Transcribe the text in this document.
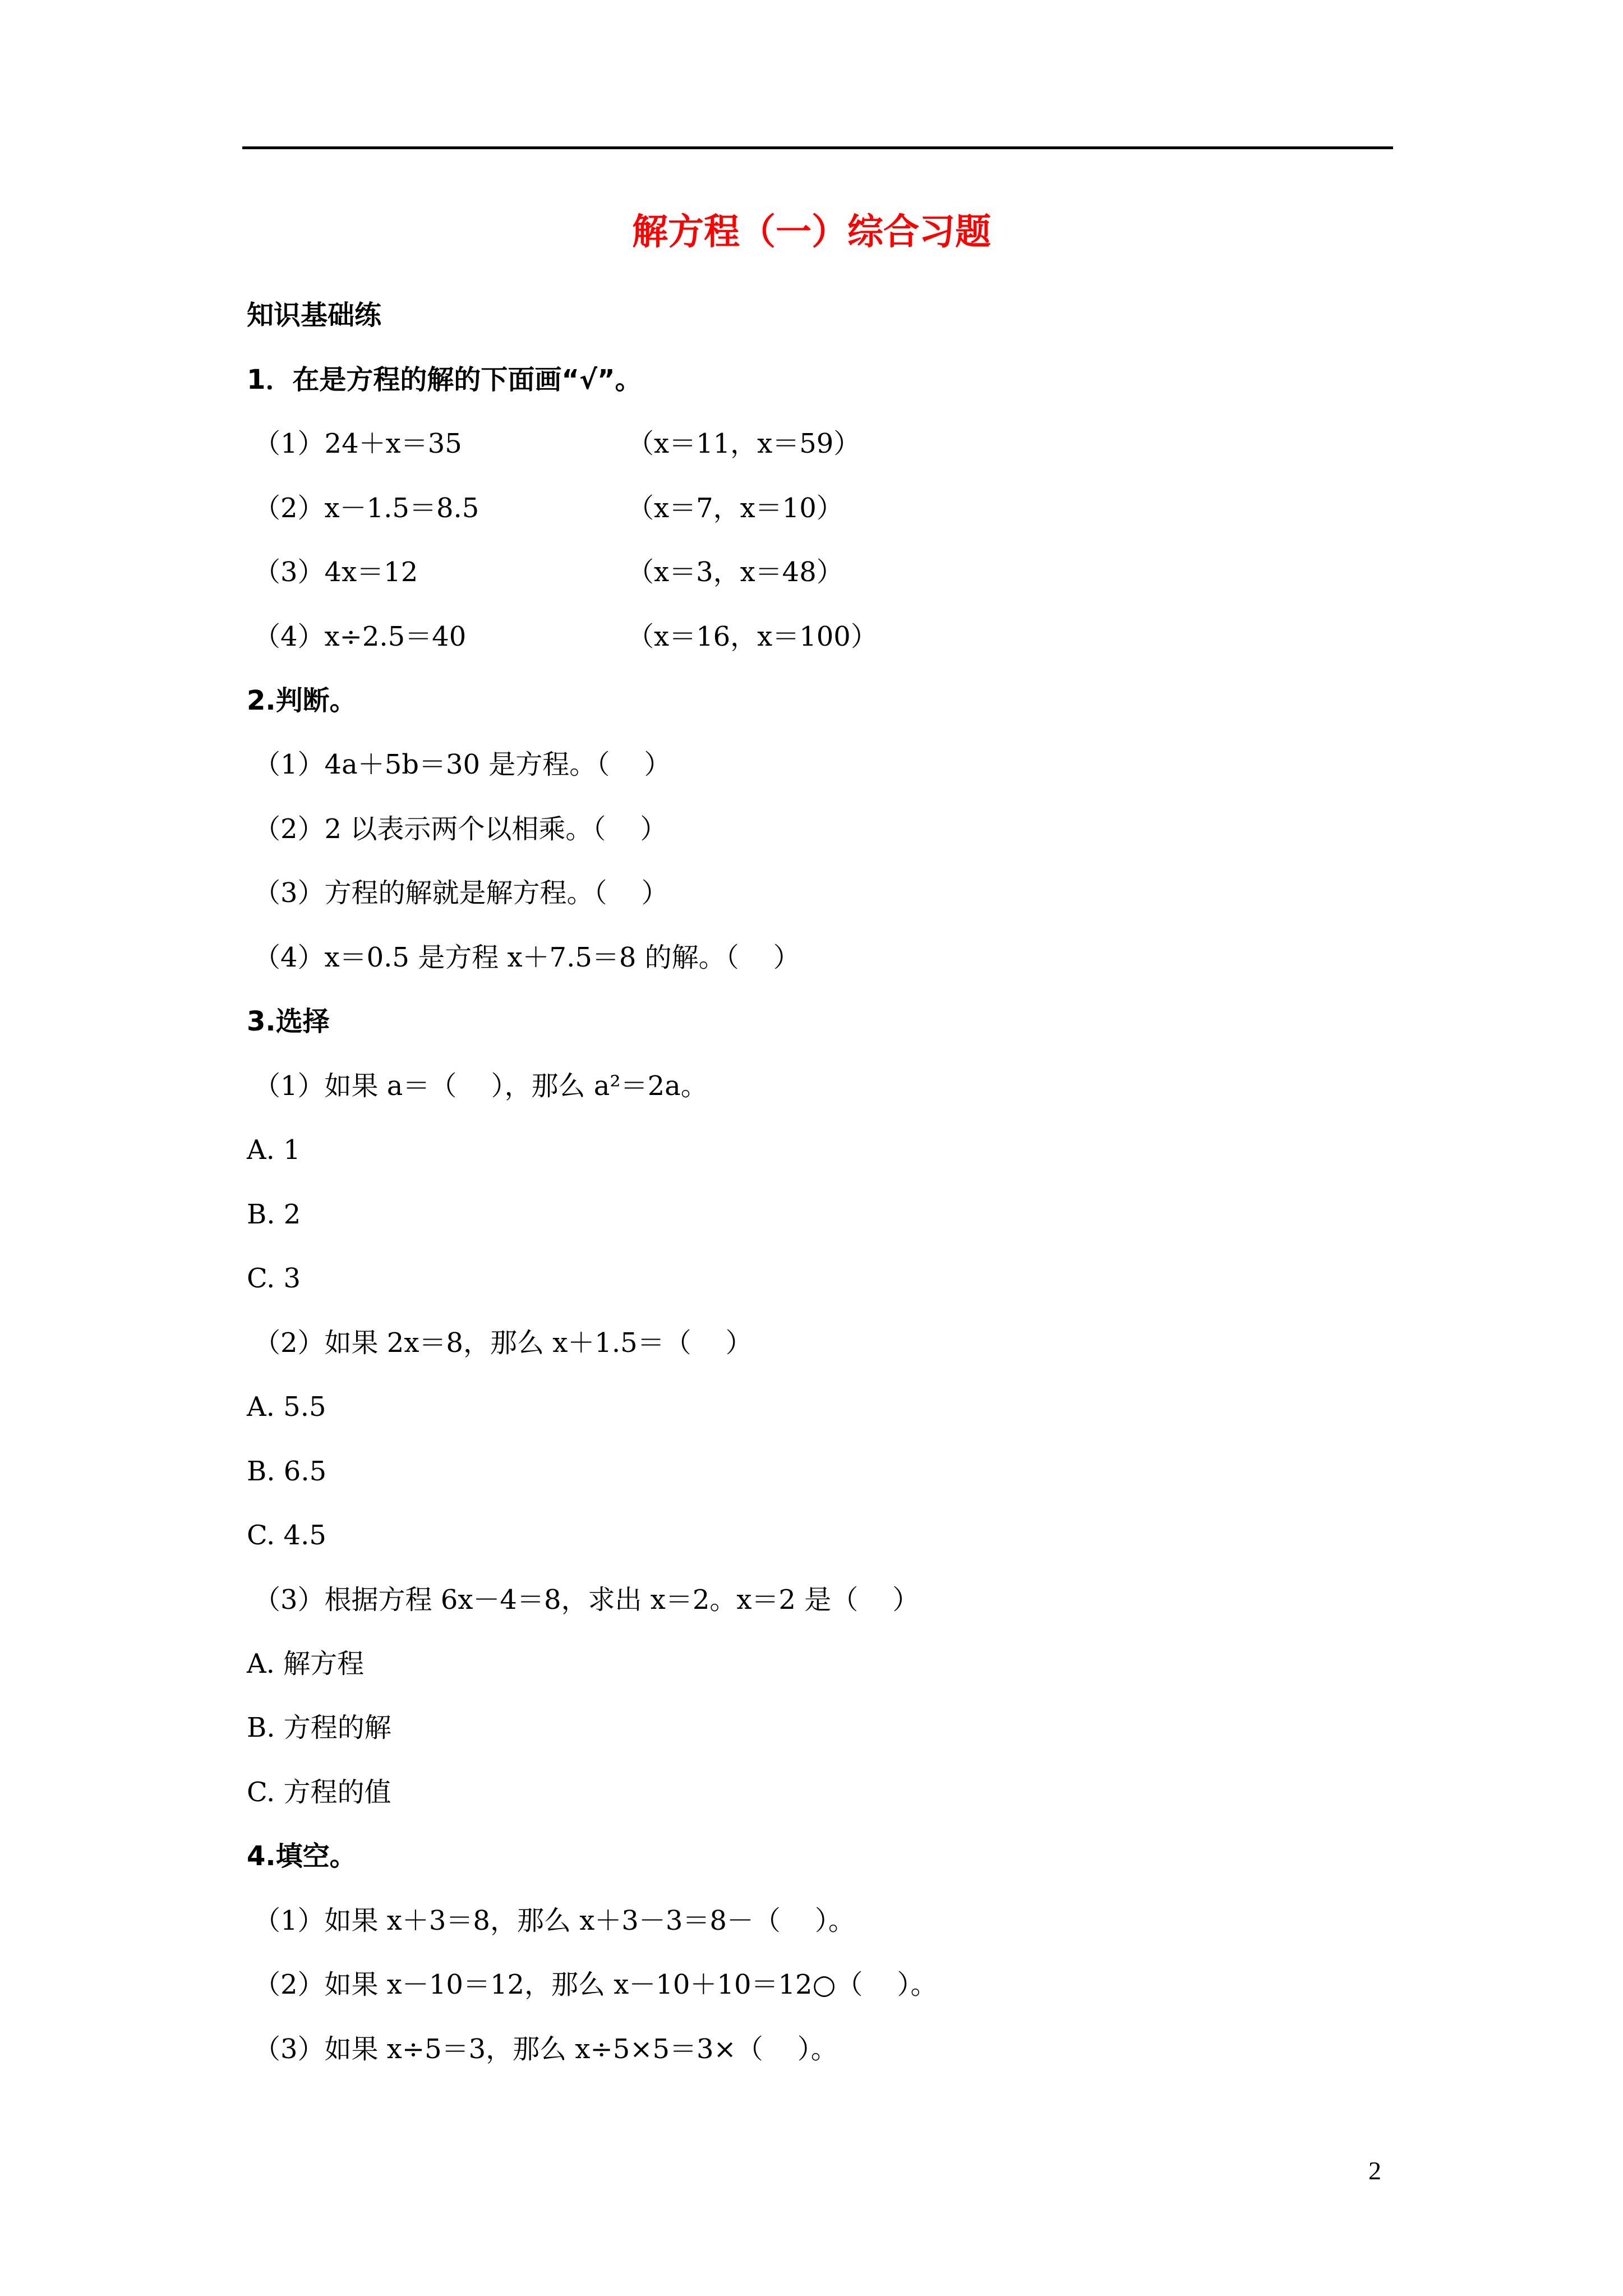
解方程（一）综合习题
知识基础练
1．在是方程的解的下面画“√”。
（1）24＋x＝35	（x＝11，x＝59）
（2）x－1.5＝8.5	（x＝7，x＝10）
（3）4x＝12	（x＝3，x＝48）
（4）x÷2.5＝40	（x＝16，x＝100）
2.判断。
（1）4a＋5b＝30 是方程。（    ）
（2）2 以表示两个以相乘。（    ）
（3）方程的解就是解方程。（    ）
（4）x＝0.5 是方程 x＋7.5＝8 的解。（    ）
3.选择
（1）如果 a＝（    ），那么 a²＝2a。
A. 1
B. 2
C. 3
（2）如果 2x＝8，那么 x＋1.5＝（    ）
A. 5.5
B. 6.5
C. 4.5
（3）根据方程 6x－4＝8，求出 x＝2。x＝2 是（    ）
A. 解方程
B. 方程的解
C. 方程的值
4.填空。
（1）如果 x＋3＝8，那么 x＋3－3＝8－（    ）。
（2）如果 x－10＝12，那么 x－10＋10＝12○（    ）。
（3）如果 x÷5＝3，那么 x÷5×5＝3×（    ）。
2
